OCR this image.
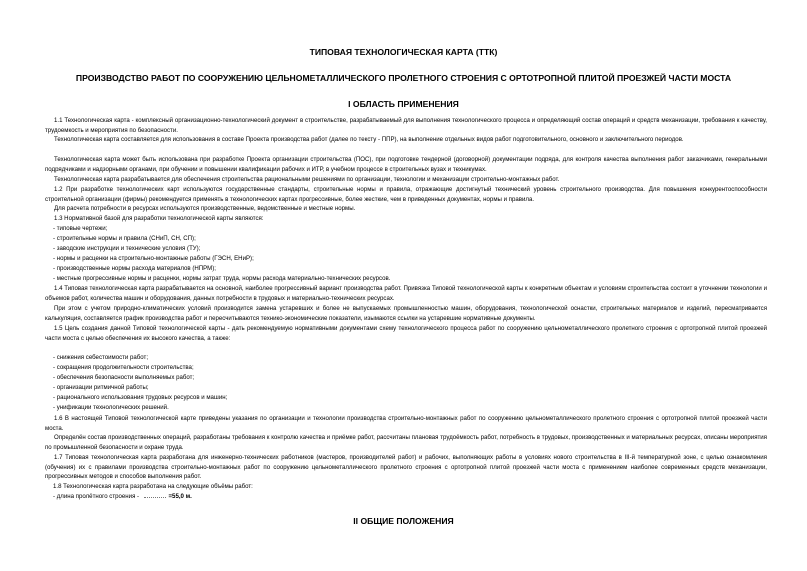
ТИПОВАЯ ТЕХНОЛОГИЧЕСКАЯ КАРТА (ТТК)
ПРОИЗВОДСТВО РАБОТ ПО СООРУЖЕНИЮ ЦЕЛЬНОМЕТАЛЛИЧЕСКОГО ПРОЛЕТНОГО СТРОЕНИЯ С ОРТОТРОПНОЙ ПЛИТОЙ ПРОЕЗЖЕЙ ЧАСТИ МОСТА
I ОБЛАСТЬ ПРИМЕНЕНИЯ
1.1 Технологическая карта - комплексный организационно-технологический документ в строительстве, разрабатываемый для выполнения технологического процесса и определяющий состав операций и средств механизации, требования к качеству, трудоемкость и мероприятия по безопасности.
Технологическая карта составляется для использования в составе Проекта производства работ (далее по тексту - ППР), на выполнение отдельных видов работ подготовительного, основного и заключительного периодов.
Технологическая карта может быть использована при разработке Проекта организации строительства (ПОС), при подготовке тендерной (договорной) документации подряда, для контроля качества выполнения работ заказчиками, генеральными подрядчиками и надзорными органами, при обучении и повышении квалификации рабочих и ИТР, в учебном процессе в строительных вузах и техникумах.
Технологическая карта разрабатывается для обеспечения строительства рациональными решениями по организации, технологии и механизации строительно-монтажных работ.
1.2 При разработке технологических карт используются государственные стандарты, строительные нормы и правила, отражающие достигнутый технический уровень строительного производства. Для повышения конкурентоспособности строительной организации (фирмы) рекомендуется применять в технологических картах прогрессивные, более жесткие, чем в приведенных документах, нормы и правила.
Для расчета потребности в ресурсах используются производственные, ведомственные и местные нормы.
1.3 Нормативной базой для разработки технологической карты являются:
- типовые чертежи;
- строительные нормы и правила (СНиП, СН, СП);
- заводские инструкции и технические условия (ТУ);
- нормы и расценки на строительно-монтажные работы (ГЭСН, ЕНиР);
- производственные нормы расхода материалов (НПРМ);
- местные прогрессивные нормы и расценки, нормы затрат труда, нормы расхода материально-технических ресурсов.
1.4 Типовая технологическая карта разрабатывается на основной, наиболее прогрессивный вариант производства работ. Привязка Типовой технологической карты к конкретным объектам и условиям строительства состоит в уточнении технологии и объемов работ, количества машин и оборудования, данных потребности в трудовых и материально-технических ресурсах.
При этом с учетом природно-климатических условий производится замена устаревших и более не выпускаемых промышленностью машин, оборудования, технологической оснастки, строительных материалов и изделий, пересматривается калькуляция, составляется график производства работ и пересчитываются технико-экономические показатели, изымаются ссылки на устаревшие нормативные документы.
1.5 Цель создания данной Типовой технологической карты - дать рекомендуемую нормативными документами схему технологического процесса работ по сооружению цельнометаллического пролетного строения с ортотропной плитой проезжей части моста с целью обеспечения их высокого качества, а также:
- снижения себестоимости работ;
- сокращения продолжительности строительства;
- обеспечения безопасности выполняемых работ;
- организации ритмичной работы;
- рационального использования трудовых ресурсов и машин;
- унификации технологических решений.
1.6 В настоящей Типовой технологической карте приведены указания по организации и технологии производства строительно-монтажных работ по сооружению цельнометаллического пролетного строения с ортотропной плитой проезжей части моста.
Определён состав производственных операций, разработаны требования к контролю качества и приёмке работ, рассчитаны плановая трудоёмкость работ, потребность в трудовых, производственных и материальных ресурсах, описаны мероприятия по промышленной безопасности и охране труда.
1.7 Типовая технологическая карта разработана для инженерно-технических работников (мастеров, производителей работ) и рабочих, выполняющих работы в условиях нового строительства в III-й температурной зоне, с целью ознакомления (обучения) их с правилами производства строительно-монтажных работ по сооружению цельнометаллического пролетного строения с ортотропной плитой проезжей части моста с применением наиболее современных средств механизации, прогрессивных методов и способов выполнения работ.
1.8 Технологическая карта разработана на следующие объёмы работ:
- длина пролётного строения -	=55,0 м.
II ОБЩИЕ ПОЛОЖЕНИЯ
